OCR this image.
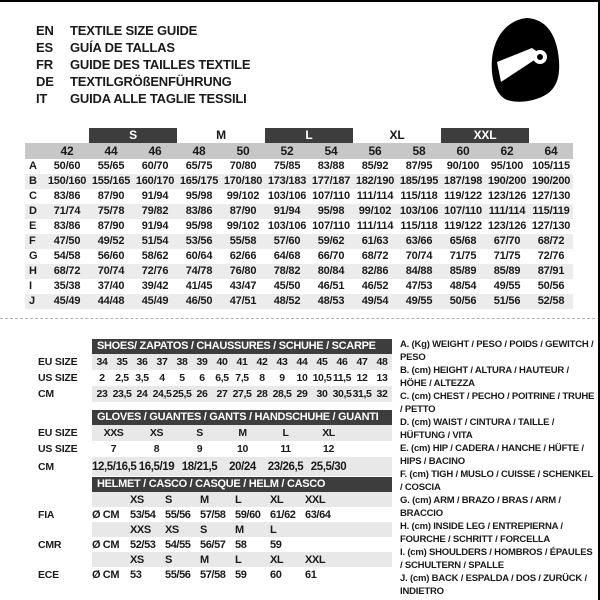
EN	TEXTILE SIZE GUIDE
ES	GUÍA DE TALLAS
FR	GUIDE DES TAILLES TEXTILE
DE	TEXTILGRÖßENFÜHRUNG
IT	GUIDA ALLE TAGLIE TESSILI
S	M	L	XL	XXL
42	44	46	48	50	52	54	56	58	60	62	64
A	50/60	55/65	60/70	65/75	70/80	75/85	83/88	85/92	87/95	90/100	95/100 105/115
B	150/160 155/165 160/170 165/175 170/180 173/183 177/187 182/190 185/195 187/198 190/200 190/200
C	83/86	87/90	91/94	95/98	99/102 103/106 107/110 111/114 115/118 119/122 123/126 127/130
D	71/74	75/78	79/82	83/86	87/90	91/94	95/98	99/102 103/106 107/110 111/114 115/119
E	83/86	87/90	91/94	95/98	99/102 103/106 107/110 111/114 115/118 119/122 123/126 127/130
F	47/50	49/52	51/54	53/56	55/58	57/60	59/62	61/63	63/66	65/68	67/70	68/72
G	54/58	56/60	58/62	60/64	62/66	64/68	66/70	68/72	70/74	71/75	71/75	72/76
H	68/72	70/74	72/76	74/78	76/80	78/82	80/84	82/86	84/88	85/89	85/89	87/91
I	35/38	37/40	39/42	41/45	43/47	45/50	46/51	46/52	47/53	48/54	49/55	50/56
J	45/49	44/48	45/49	46/50	47/51	48/52	48/53	49/54	49/55	50/56	51/56	52/58
SHOES/ ZAPATOS / CHAUSSURES / SCHUHE / SCARPE
EU SIZE	34 35 36 37 38 39 40 41 42 43 44 45 46 47 48
US SIZE	2	2,5 3,5	4	5	6	6,5 7,5	8	9	10 10,5 11,5 12 13
CM	23 23,5 24 24,5 25,5 26 27 27,5 28 28,5 29 30 30,5 31,5 32
GLOVES / GUANTES / GANTS / HANDSCHUHE / GUANTI
EU SIZE	XXS	XS	S	M	L	XL
US SIZE	7	8	9	10	11	12
CM	12,5/16,5 16,5/19 18/21,5	20/24	23/26,5 25,5/30
HELMET / CASCO / CASQUE / HELM / CASCO
XS	S	M	L	XL	XXL
FIA	Ø CM 53/54 55/56 57/58 59/60 61/62 63/64
XXS	XS	S	M	L
CMR	Ø CM 52/53 54/55 56/57 58	59
XS	S	M	L	XL	XXL
ECE	Ø CM 53	55/56 57/58 59	60	61
A. (Kg) WEIGHT / PESO / POIDS / GEWITCH / PESO
B. (cm) HEIGHT / ALTURA / HAUTEUR / HÖHE / ALTEZZA
C. (cm) CHEST / PECHO / POITRINE / TRUHE / PETTO
D. (cm) WAIST / CINTURA / TAILLE / HÜFTUNG / VITA
E. (cm) HIP / CADERA / HANCHE / HÜFTE / HIPS / BACINO
F. (cm) TIGH / MUSLO / CUISSE / SCHENKEL / COSCIA
G. (cm) ARM / BRAZO / BRAS / ARM / BRACCIO
H. (cm) INSIDE LEG / ENTREPIERNA / FOURCHE / SCHRITT / FORCELLA
I. (cm) SHOULDERS / HOMBROS / ÉPAULES / SCHULTERN / SPALLE
J. (cm) BACK / ESPALDA / DOS / ZURÜCK / INDIETRO
